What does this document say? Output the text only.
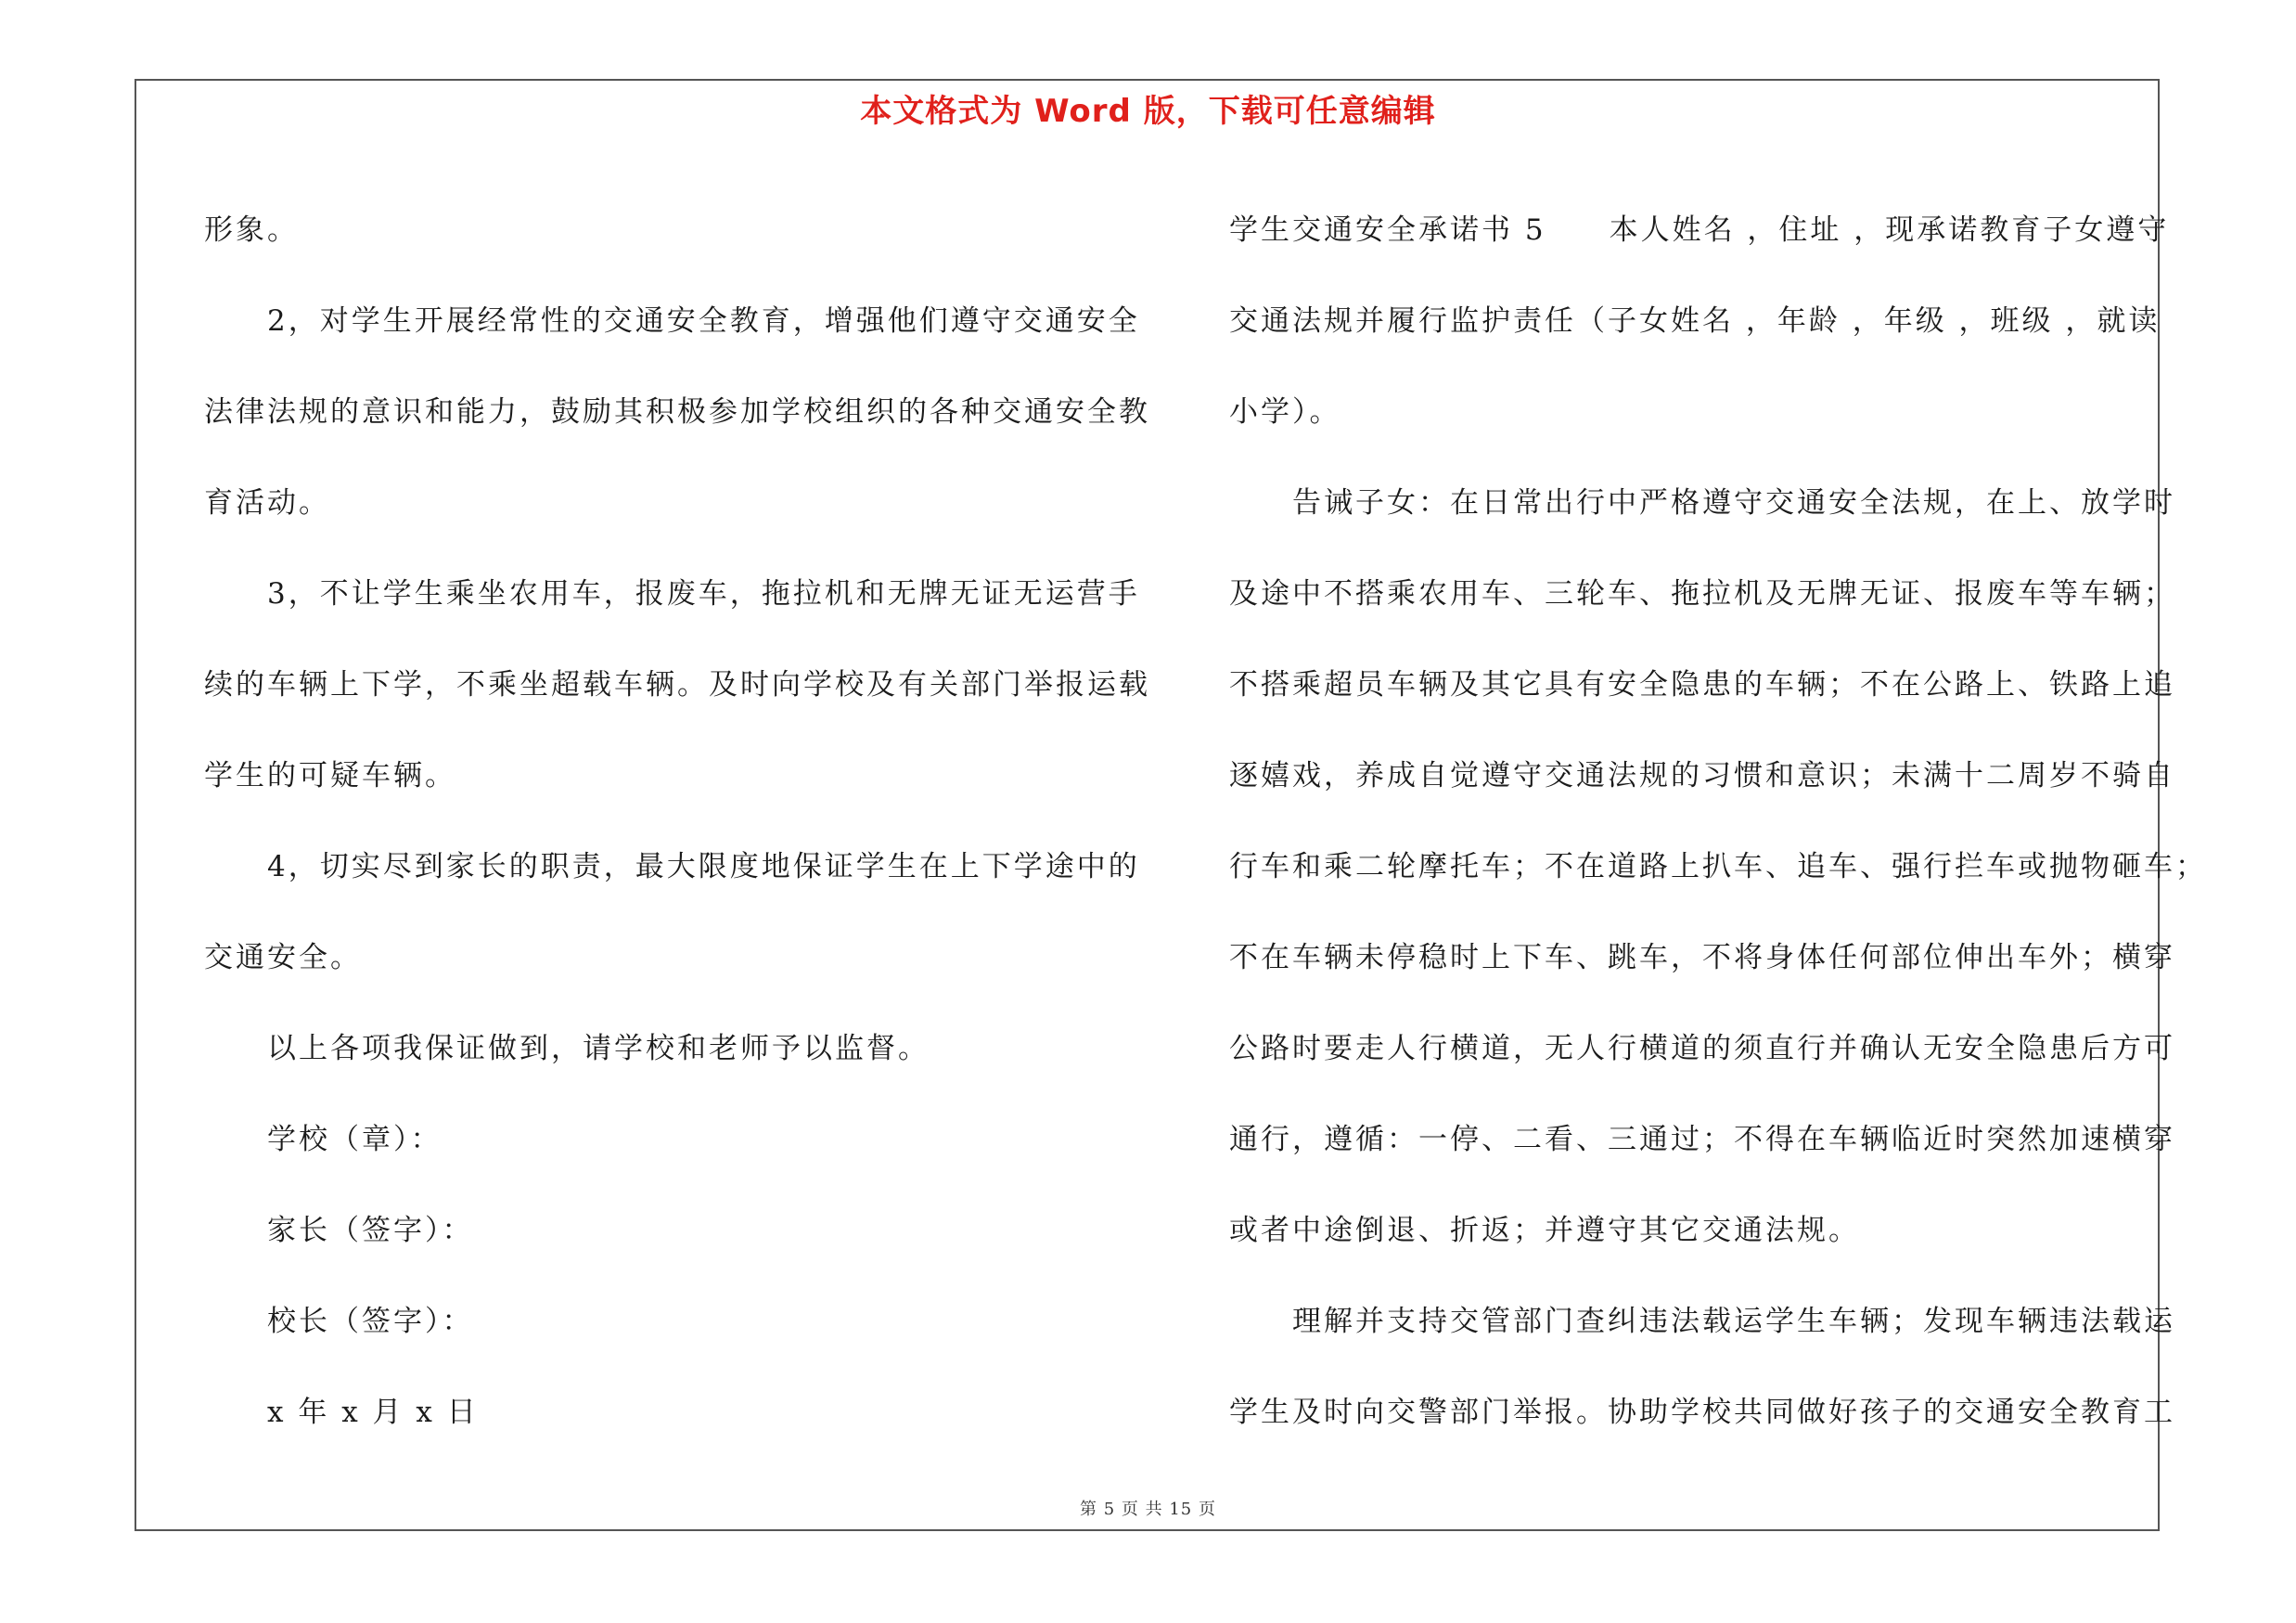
本文格式为 Word 版，下载可任意编辑
形象。
2，对学生开展经常性的交通安全教育，增强他们遵守交通安全
法律法规的意识和能力，鼓励其积极参加学校组织的各种交通安全教
育活动。
3，不让学生乘坐农用车，报废车，拖拉机和无牌无证无运营手
续的车辆上下学，不乘坐超载车辆。及时向学校及有关部门举报运载
学生的可疑车辆。
4，切实尽到家长的职责，最大限度地保证学生在上下学途中的
交通安全。
以上各项我保证做到，请学校和老师予以监督。
学校（章）：
家长（签字）：
校长（签字）：
x 年 x 月 x 日
学生交通安全承诺书 5　　本人姓名 ，住址 ，现承诺教育子女遵守
交通法规并履行监护责任（子女姓名 ，年龄 ，年级 ，班级 ，就读
小学）。
告诫子女：在日常出行中严格遵守交通安全法规，在上、放学时
及途中不搭乘农用车、三轮车、拖拉机及无牌无证、报废车等车辆；
不搭乘超员车辆及其它具有安全隐患的车辆；不在公路上、铁路上追
逐嬉戏，养成自觉遵守交通法规的习惯和意识；未满十二周岁不骑自
行车和乘二轮摩托车；不在道路上扒车、追车、强行拦车或抛物砸车；
不在车辆未停稳时上下车、跳车，不将身体任何部位伸出车外；横穿
公路时要走人行横道，无人行横道的须直行并确认无安全隐患后方可
通行，遵循：一停、二看、三通过；不得在车辆临近时突然加速横穿
或者中途倒退、折返；并遵守其它交通法规。
理解并支持交管部门查纠违法载运学生车辆；发现车辆违法载运
学生及时向交警部门举报。协助学校共同做好孩子的交通安全教育工
第 5 页 共 15 页
